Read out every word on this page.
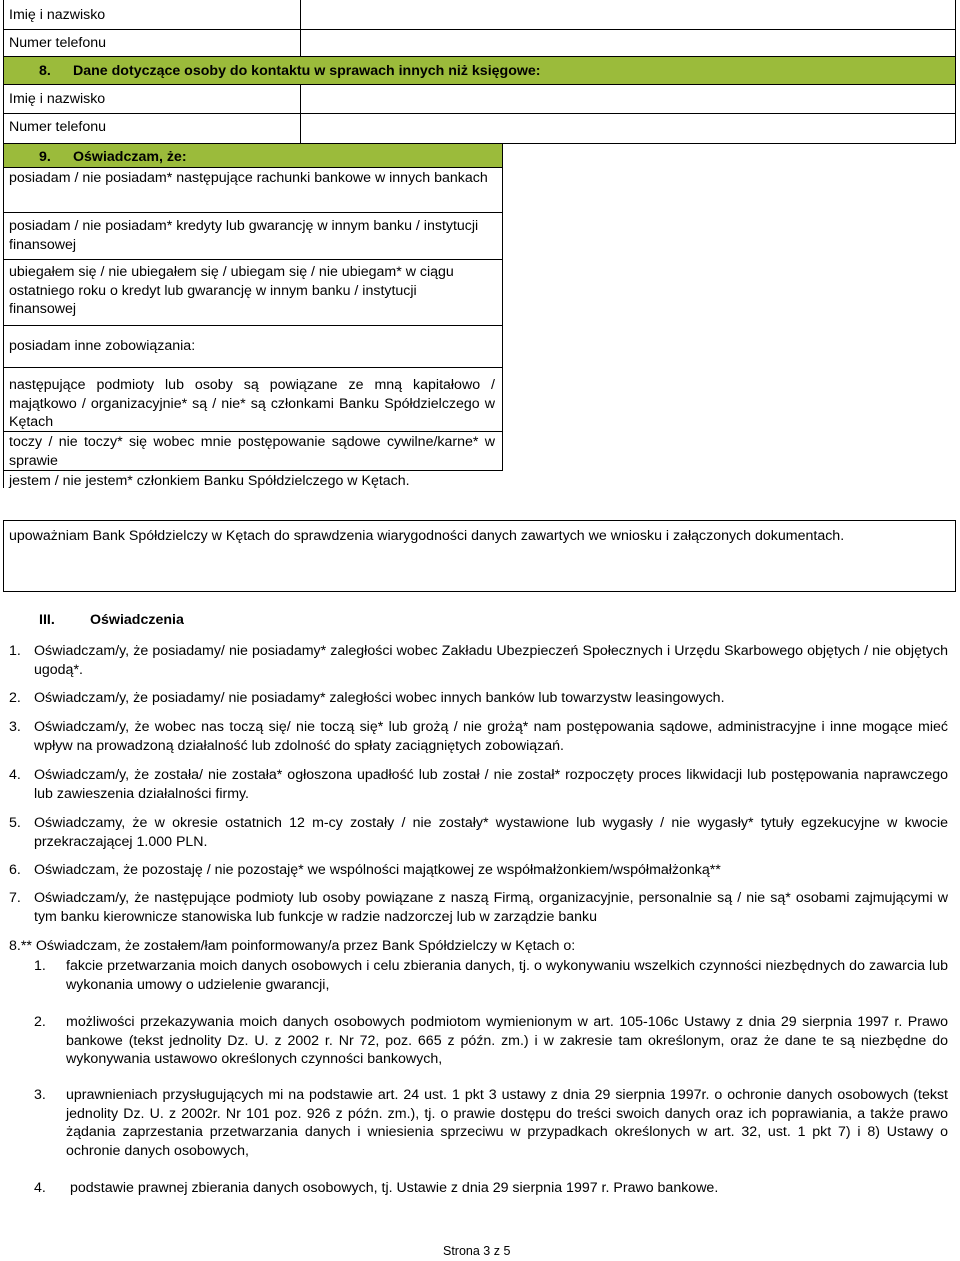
Imię i nazwisko
Numer telefonu
8. Dane dotyczące osoby do kontaktu w sprawach innych niż księgowe:
Imię i nazwisko
Numer telefonu
9. Oświadczam, że:
posiadam / nie posiadam* następujące rachunki bankowe w innych bankach
posiadam / nie posiadam* kredyty lub gwarancję w innym banku / instytucji finansowej
ubiegałem się / nie ubiegałem się / ubiegam się / nie ubiegam* w ciągu ostatniego roku o kredyt lub gwarancję w innym banku / instytucji finansowej
posiadam inne zobowiązania:
następujące podmioty lub osoby są powiązane ze mną kapitałowo / majątkowo / organizacyjnie* są / nie* są członkami Banku Spółdzielczego w Kętach
toczy / nie toczy* się wobec mnie postępowanie sądowe cywilne/karne* w sprawie
jestem / nie jestem* członkiem Banku Spółdzielczego w Kętach.
upoważniam Bank Spółdzielczy w Kętach do sprawdzenia wiarygodności danych zawartych we wniosku i załączonych dokumentach.
III. Oświadczenia
1. Oświadczam/y, że posiadamy/ nie posiadamy* zaległości wobec Zakładu Ubezpieczeń Społecznych i Urzędu Skarbowego objętych / nie objętych ugodą*.
2. Oświadczam/y, że posiadamy/ nie posiadamy* zaległości wobec innych banków lub towarzystw leasingowych.
3. Oświadczam/y, że wobec nas toczą się/ nie toczą się* lub grożą / nie grożą* nam postępowania sądowe, administracyjne i inne mogące mieć wpływ na prowadzoną działalność lub zdolność do spłaty zaciągniętych zobowiązań.
4. Oświadczam/y, że została/ nie została* ogłoszona upadłość lub został / nie został* rozpoczęty proces likwidacji lub postępowania naprawczego lub zawieszenia działalności firmy.
5. Oświadczamy, że w okresie ostatnich 12 m-cy zostały / nie zostały* wystawione lub wygasły / nie wygasły* tytuły egzekucyjne w kwocie przekraczającej 1.000 PLN.
6. Oświadczam, że pozostaję / nie pozostaję* we wspólności majątkowej ze współmałżonkiem/współmałżonką**
7. Oświadczam/y, że następujące podmioty lub osoby powiązane z naszą Firmą, organizacyjnie, personalnie są / nie są* osobami zajmującymi w tym banku kierownicze stanowiska lub funkcje w radzie nadzorczej lub w zarządzie banku
8.** Oświadczam, że zostałem/łam poinformowany/a przez Bank Spółdzielczy w Kętach o:
1. fakcie przetwarzania moich danych osobowych i celu zbierania danych, tj. o wykonywaniu wszelkich czynności niezbędnych do zawarcia lub wykonania umowy o udzielenie gwarancji,
2. możliwości przekazywania moich danych osobowych podmiotom wymienionym w art. 105-106c Ustawy z dnia 29 sierpnia 1997 r. Prawo bankowe (tekst jednolity Dz. U. z 2002 r. Nr 72, poz. 665 z późn. zm.) i w zakresie tam określonym, oraz że dane te są niezbędne do wykonywania ustawowo określonych czynności bankowych,
3. uprawnieniach przysługujących mi na podstawie art. 24 ust. 1 pkt 3 ustawy z dnia 29 sierpnia 1997r. o ochronie danych osobowych (tekst jednolity Dz. U. z 2002r. Nr 101 poz. 926 z późn. zm.), tj. o prawie dostępu do treści swoich danych oraz ich poprawiania, a także prawo żądania zaprzestania przetwarzania danych i wniesienia sprzeciwu w przypadkach określonych w art. 32, ust. 1 pkt 7) i 8) Ustawy o ochronie danych osobowych,
4. podstawie prawnej zbierania danych osobowych, tj. Ustawie z dnia 29 sierpnia 1997 r. Prawo bankowe.
Strona 3 z 5
